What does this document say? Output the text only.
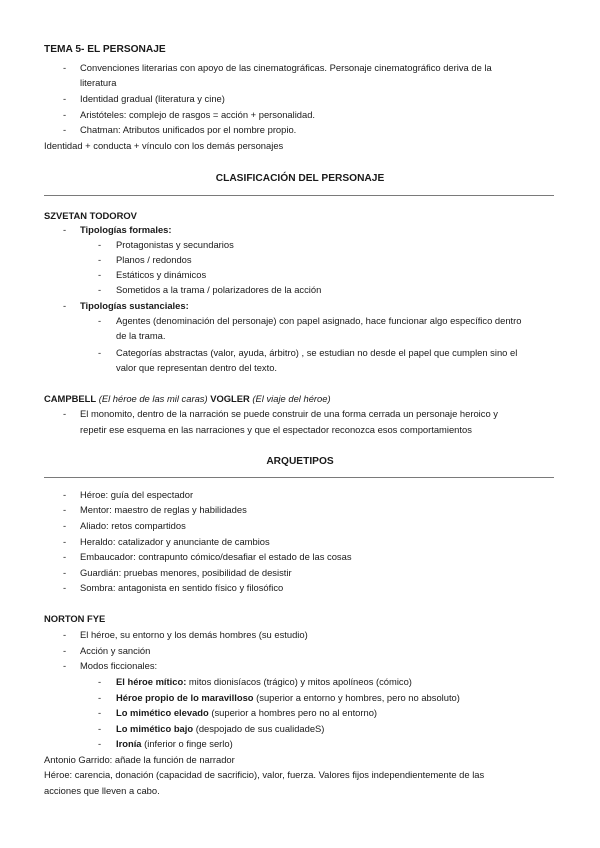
TEMA 5- EL PERSONAJE
- Convenciones literarias con apoyo de las cinematográficas. Personaje cinematográfico deriva de la
literatura
- Identidad gradual (literatura y cine)
- Aristóteles: complejo de rasgos = acción + personalidad.
- Chatman: Atributos unificados por el nombre propio.
Identidad + conducta + vínculo con los demás personajes
CLASIFICACIÓN DEL PERSONAJE
SZVETAN TODOROV
- Tipologías formales:
- Protagonistas y secundarios
- Planos / redondos
- Estáticos y dinámicos
- Sometidos a la trama / polarizadores de la acción
- Tipologías sustanciales:
- Agentes (denominación del personaje) con papel asignado, hace funcionar algo específico dentro
de la trama.
- Categorías abstractas (valor, ayuda, árbitro) , se estudian no desde el papel que cumplen sino el
valor que representan dentro del texto.
CAMPBELL (El héroe de las mil caras) VOGLER (El viaje del héroe)
- El monomito, dentro de la narración se puede construir de una forma cerrada un personaje heroico y
repetir ese esquema en las narraciones y que el espectador reconozca esos comportamientos
ARQUETIPOS
- Héroe: guía del espectador
- Mentor: maestro de reglas y habilidades
- Aliado: retos compartidos
- Heraldo: catalizador y anunciante de cambios
- Embaucador: contrapunto cómico/desafiar el estado de las cosas
- Guardián: pruebas menores, posibilidad de desistir
- Sombra: antagonista en sentido físico y filosófico
NORTON FYE
- El héroe, su entorno y los demás hombres (su estudio)
- Acción y sanción
- Modos ficcionales:
- El héroe mítico: mitos dionisíacos (trágico) y mitos apolíneos (cómico)
- Héroe propio de lo maravilloso (superior a entorno y hombres, pero no absoluto)
- Lo mimético elevado (superior a hombres pero no al entorno)
- Lo mimético bajo (despojado de sus cualidadeS)
- Ironía (inferior o finge serlo)
Antonio Garrido: añade la función de narrador
Héroe: carencia, donación (capacidad de sacrificio), valor, fuerza. Valores fijos independientemente de las
acciones que lleven a cabo.
